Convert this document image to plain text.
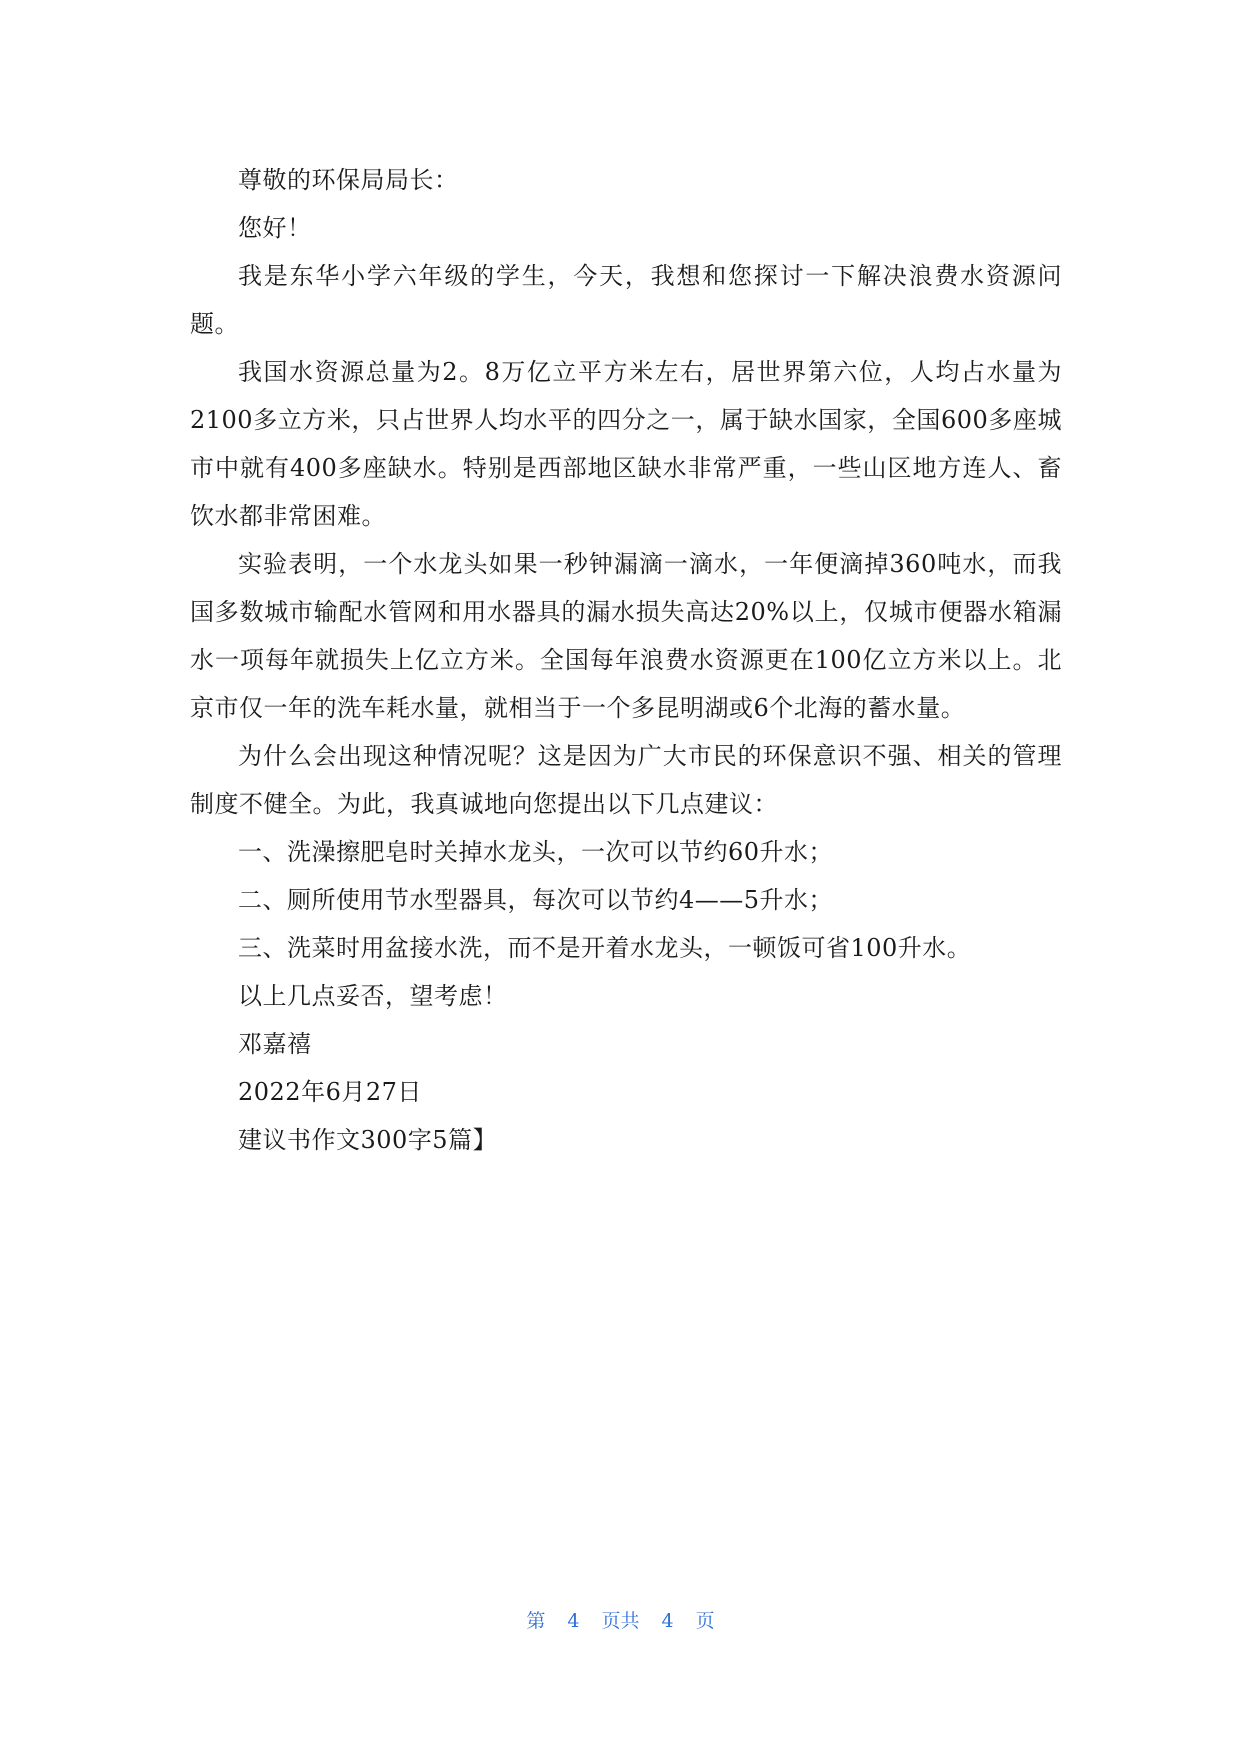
尊敬的环保局局长：

您好！

我是东华小学六年级的学生，今天，我想和您探讨一下解决浪费水资源问题。

我国水资源总量为2。8万亿立平方米左右，居世界第六位，人均占水量为2100多立方米，只占世界人均水平的四分之一，属于缺水国家，全国600多座城市中就有400多座缺水。特别是西部地区缺水非常严重，一些山区地方连人、畜饮水都非常困难。

实验表明，一个水龙头如果一秒钟漏滴一滴水，一年便滴掉360吨水，而我国多数城市输配水管网和用水器具的漏水损失高达20%以上，仅城市便器水箱漏水一项每年就损失上亿立方米。全国每年浪费水资源更在100亿立方米以上。北京市仅一年的洗车耗水量，就相当于一个多昆明湖或6个北海的蓄水量。

为什么会出现这种情况呢？这是因为广大市民的环保意识不强、相关的管理制度不健全。为此，我真诚地向您提出以下几点建议：

一、洗澡擦肥皂时关掉水龙头，一次可以节约60升水；

二、厕所使用节水型器具，每次可以节约4——5升水；

三、洗菜时用盆接水洗，而不是开着水龙头，一顿饭可省100升水。

以上几点妥否，望考虑！

邓嘉禧

2022年6月27日

建议书作文300字5篇】

第 4 页共 4 页
